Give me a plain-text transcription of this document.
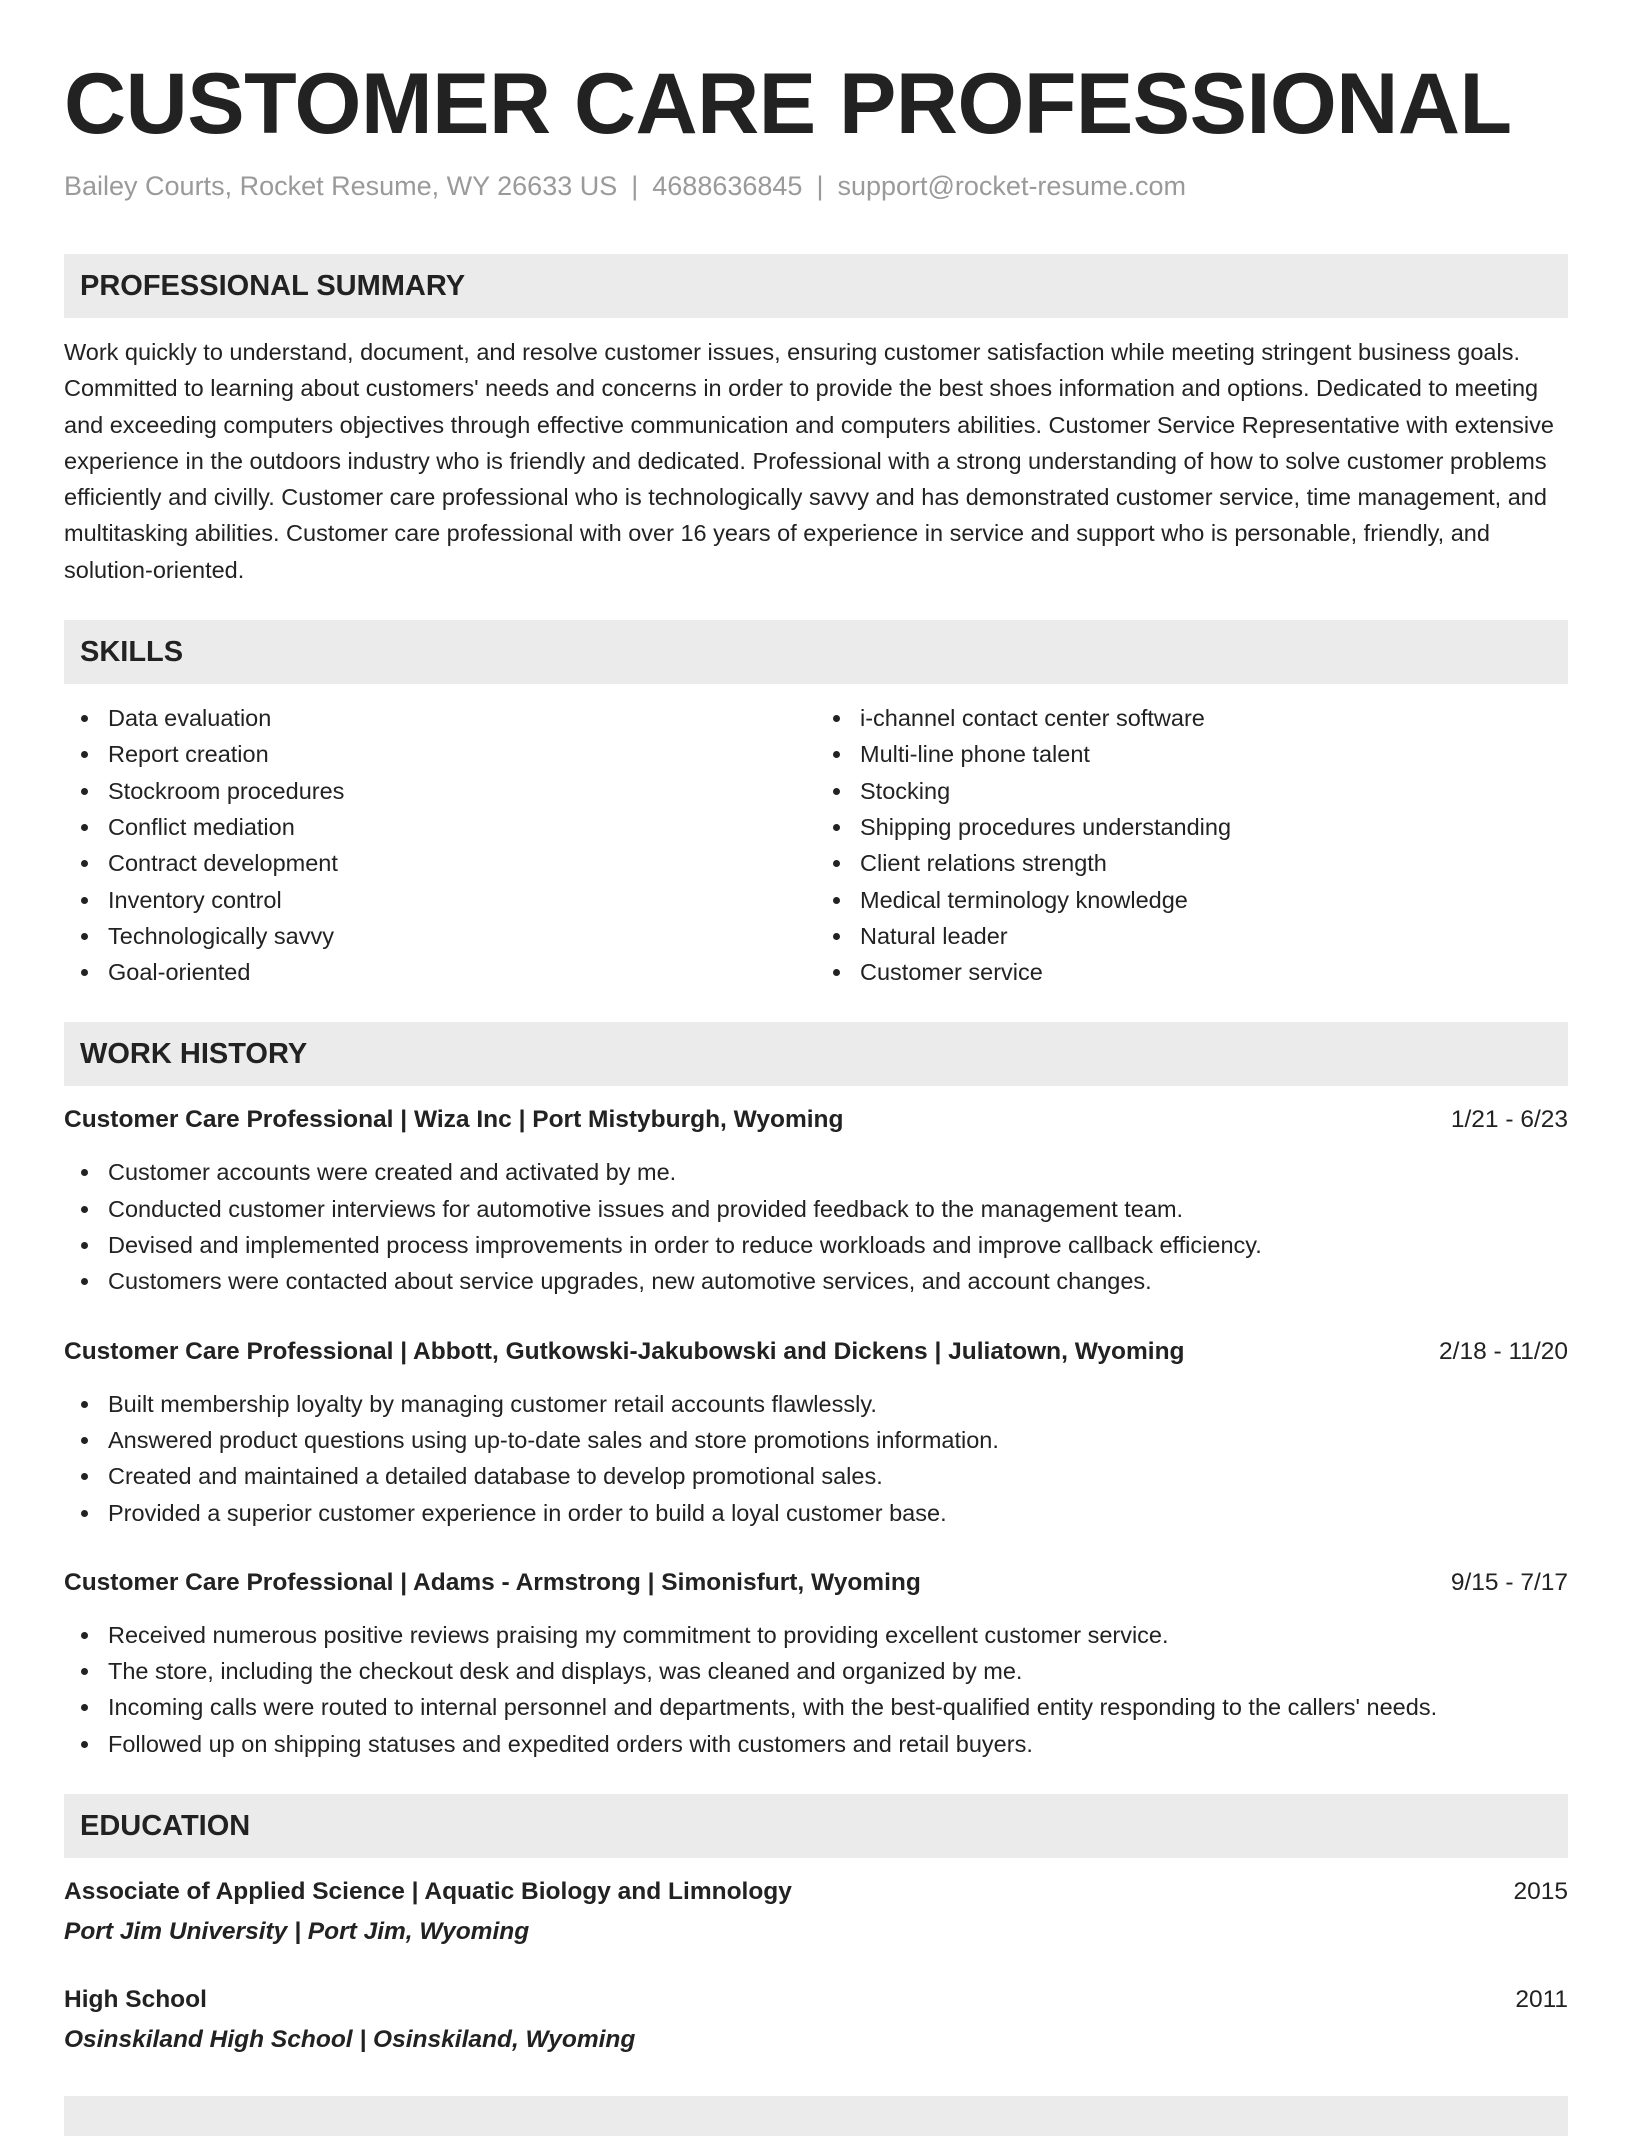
CUSTOMER CARE PROFESSIONAL
Bailey Courts, Rocket Resume, WY 26633 US | 4688636845 | support@rocket-resume.com
PROFESSIONAL SUMMARY

Work quickly to understand, document, and resolve customer issues, ensuring customer satisfaction while meeting stringent business goals. Committed to learning about customers' needs and concerns in order to provide the best shoes information and options. Dedicated to meeting and exceeding computers objectives through effective communication and computers abilities. Customer Service Representative with extensive experience in the outdoors industry who is friendly and dedicated. Professional with a strong understanding of how to solve customer problems efficiently and civilly. Customer care professional who is technologically savvy and has demonstrated customer service, time management, and multitasking abilities. Customer care professional with over 16 years of experience in service and support who is personable, friendly, and solution-oriented.

SKILLS
Data evaluation
Report creation
Stockroom procedures
Conflict mediation
Contract development
Inventory control
Technologically savvy
Goal-oriented
i-channel contact center software
Multi-line phone talent
Stocking
Shipping procedures understanding
Client relations strength
Medical terminology knowledge
Natural leader
Customer service
WORK HISTORY
Customer Care Professional | Wiza Inc | Port Mistyburgh, Wyoming	1/21 - 6/23
Customer accounts were created and activated by me.
Conducted customer interviews for automotive issues and provided feedback to the management team.
Devised and implemented process improvements in order to reduce workloads and improve callback efficiency.
Customers were contacted about service upgrades, new automotive services, and account changes.
Customer Care Professional | Abbott, Gutkowski-Jakubowski and Dickens | Juliatown, Wyoming	2/18 - 11/20
Built membership loyalty by managing customer retail accounts flawlessly.
Answered product questions using up-to-date sales and store promotions information.
Created and maintained a detailed database to develop promotional sales.
Provided a superior customer experience in order to build a loyal customer base.
Customer Care Professional | Adams - Armstrong | Simonisfurt, Wyoming	9/15 - 7/17
Received numerous positive reviews praising my commitment to providing excellent customer service.
The store, including the checkout desk and displays, was cleaned and organized by me.
Incoming calls were routed to internal personnel and departments, with the best-qualified entity responding to the callers' needs.
Followed up on shipping statuses and expedited orders with customers and retail buyers.
EDUCATION
Associate of Applied Science | Aquatic Biology and Limnology	2015
Port Jim University | Port Jim, Wyoming
High School	2011
Osinskiland High School | Osinskiland, Wyoming
